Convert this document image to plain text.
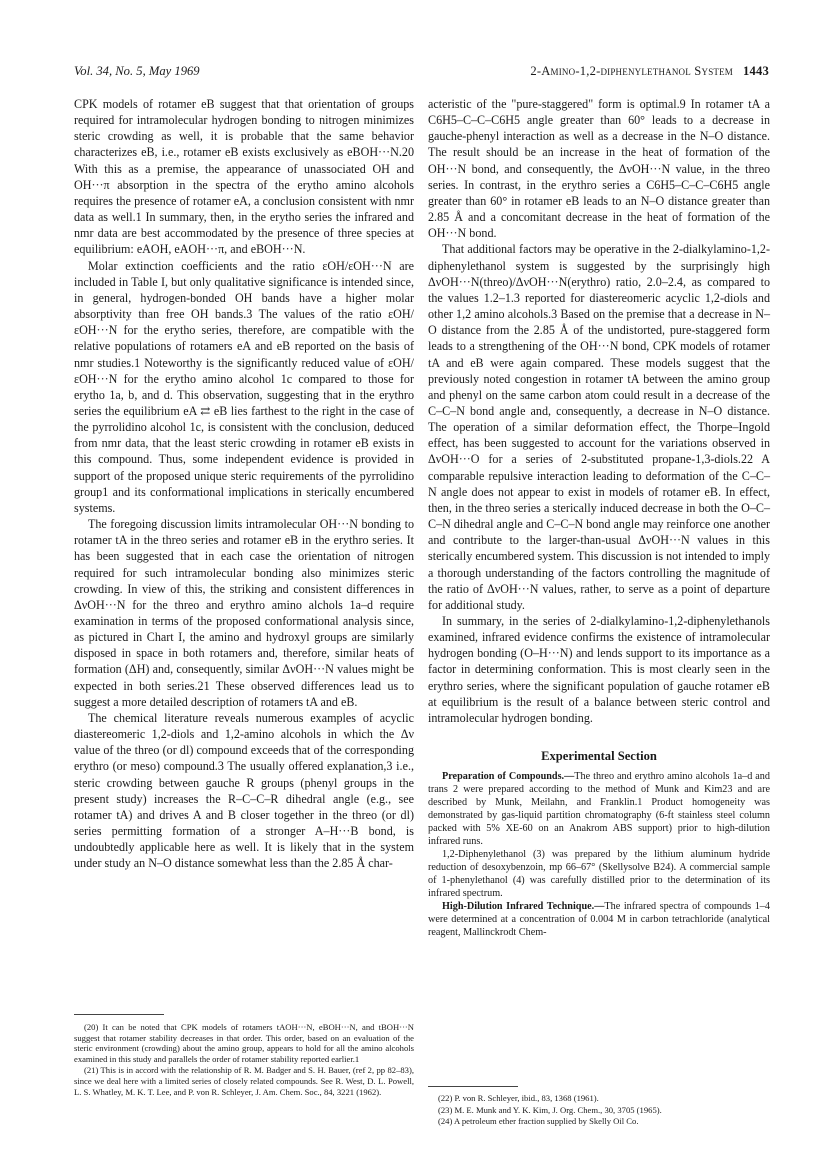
Vol. 34, No. 5, May 1969	2-Amino-1,2-diphenylethanol System 1443

CPK models of rotamer eB suggest that that orientation of groups required for intramolecular hydrogen bonding to nitrogen minimizes steric crowding as well, it is probable that the same behavior characterizes eB, i.e., rotamer eB exists exclusively as eBOH···N.20 With this as a premise, the appearance of unassociated OH and OH···π absorption in the spectra of the erytho amino alcohols requires the presence of rotamer eA, a conclusion consistent with nmr data as well.1 In summary, then, in the erytho series the infrared and nmr data are best accommodated by the presence of three species at equilibrium: eAOH, eAOH···π, and eBOH···N.

Molar extinction coefficients and the ratio εOH/εOH···N are included in Table I, but only qualitative significance is intended since, in general, hydrogen-bonded OH bands have a higher molar absorptivity than free OH bands.3 The values of the ratio εOH/εOH···N for the erytho series, therefore, are compatible with the relative populations of rotamers eA and eB reported on the basis of nmr studies.1 Noteworthy is the significantly reduced value of εOH/εOH···N for the erytho amino alcohol 1c compared to those for erytho 1a, b, and d. This observation, suggesting that in the erythro series the equilibrium eA ⇄ eB lies farthest to the right in the case of the pyrrolidino alcohol 1c, is consistent with the conclusion, deduced from nmr data, that the least steric crowding in rotamer eB exists in this compound. Thus, some independent evidence is provided in support of the proposed unique steric requirements of the pyrrolidino group1 and its conformational implications in sterically encumbered systems.

The foregoing discussion limits intramolecular OH···N bonding to rotamer tA in the threo series and rotamer eB in the erythro series. It has been suggested that in each case the orientation of nitrogen required for such intramolecular bonding also minimizes steric crowding. In view of this, the striking and consistent differences in ΔνOH···N for the threo and erythro amino alchols 1a–d require examination in terms of the proposed conformational analysis since, as pictured in Chart I, the amino and hydroxyl groups are similarly disposed in space in both rotamers and, therefore, similar heats of formation (ΔH) and, consequently, similar ΔνOH···N values might be expected in both series.21 These observed differences lead us to suggest a more detailed description of rotamers tA and eB.

The chemical literature reveals numerous examples of acyclic diastereomeric 1,2-diols and 1,2-amino alcohols in which the Δν value of the threo (or dl) compound exceeds that of the corresponding erythro (or meso) compound.3 The usually offered explanation,3 i.e., steric crowding between gauche R groups (phenyl groups in the present study) increases the R–C–C–R dihedral angle (e.g., see rotamer tA) and drives A and B closer together in the threo (or dl) series permitting formation of a stronger A–H···B bond, is undoubtedly applicable here as well. It is likely that in the system under study an N–O distance somewhat less than the 2.85 Å char-

(20) It can be noted that CPK models of rotamers tAOH···N, eBOH···N, and tBOH···N suggest that rotamer stability decreases in that order. This order, based on an evaluation of the steric environment (crowding) about the amino group, appears to hold for all the amino alcohols examined in this study and parallels the order of rotamer stability reported earlier.1

(21) This is in accord with the relationship of R. M. Badger and S. H. Bauer, (ref 2, pp 82–83), since we deal here with a limited series of closely related compounds. See R. West, D. L. Powell, L. S. Whatley, M. K. T. Lee, and P. von R. Schleyer, J. Am. Chem. Soc., 84, 3221 (1962).

acteristic of the "pure-staggered" form is optimal.9 In rotamer tA a C6H5–C–C–C6H5 angle greater than 60° leads to a decrease in gauche-phenyl interaction as well as a decrease in the N–O distance. The result should be an increase in the heat of formation of the OH···N bond, and consequently, the ΔνOH···N value, in the threo series. In contrast, in the erythro series a C6H5–C–C–C6H5 angle greater than 60° in rotamer eB leads to an N–O distance greater than 2.85 Å and a concomitant decrease in the heat of formation of the OH···N bond.

That additional factors may be operative in the 2-dialkylamino-1,2-diphenylethanol system is suggested by the surprisingly high ΔνOH···N(threo)/ΔνOH···N(erythro) ratio, 2.0–2.4, as compared to the values 1.2–1.3 reported for diastereomeric acyclic 1,2-diols and other 1,2 amino alcohols.3 Based on the premise that a decrease in N–O distance from the 2.85 Å of the undistorted, pure-staggered form leads to a strengthening of the OH···N bond, CPK models of rotamer tA and eB were again compared. These models suggest that the previously noted congestion in rotamer tA between the amino group and phenyl on the same carbon atom could result in a decrease of the C–C–N bond angle and, consequently, a decrease in N–O distance. The operation of a similar deformation effect, the Thorpe–Ingold effect, has been suggested to account for the variations observed in ΔνOH···O for a series of 2-substituted propane-1,3-diols.22 A comparable repulsive interaction leading to deformation of the C–C–N angle does not appear to exist in models of rotamer eB. In effect, then, in the threo series a sterically induced decrease in both the O–C–C–N dihedral angle and C–C–N bond angle may reinforce one another and contribute to the larger-than-usual ΔνOH···N values in this sterically encumbered system. This discussion is not intended to imply a thorough understanding of the factors controlling the magnitude of the ratio of ΔνOH···N values, rather, to serve as a point of departure for additional study.

In summary, in the series of 2-dialkylamino-1,2-diphenylethanols examined, infrared evidence confirms the existence of intramolecular hydrogen bonding (O–H···N) and lends support to its importance as a factor in determining conformation. This is most clearly seen in the erythro series, where the significant population of gauche rotamer eB at equilibrium is the result of a balance between steric control and intramolecular hydrogen bonding.

Experimental Section

Preparation of Compounds.—The threo and erythro amino alcohols 1a–d and trans 2 were prepared according to the method of Munk and Kim23 and are described by Munk, Meilahn, and Franklin.1 Product homogeneity was demonstrated by gas-liquid partition chromatography (6-ft stainless steel column packed with 5% XE-60 on an Anakrom ABS support) prior to high-dilution infrared runs.

1,2-Diphenylethanol (3) was prepared by the lithium aluminum hydride reduction of desoxybenzoin, mp 66–67° (Skellysolve B24). A commercial sample of 1-phenylethanol (4) was carefully distilled prior to the determination of its infrared spectrum.

High-Dilution Infrared Technique.—The infrared spectra of compounds 1–4 were determined at a concentration of 0.004 M in carbon tetrachloride (analytical reagent, Mallinckrodt Chem-

(22) P. von R. Schleyer, ibid., 83, 1368 (1961).

(23) M. E. Munk and Y. K. Kim, J. Org. Chem., 30, 3705 (1965).

(24) A petroleum ether fraction supplied by Skelly Oil Co.
